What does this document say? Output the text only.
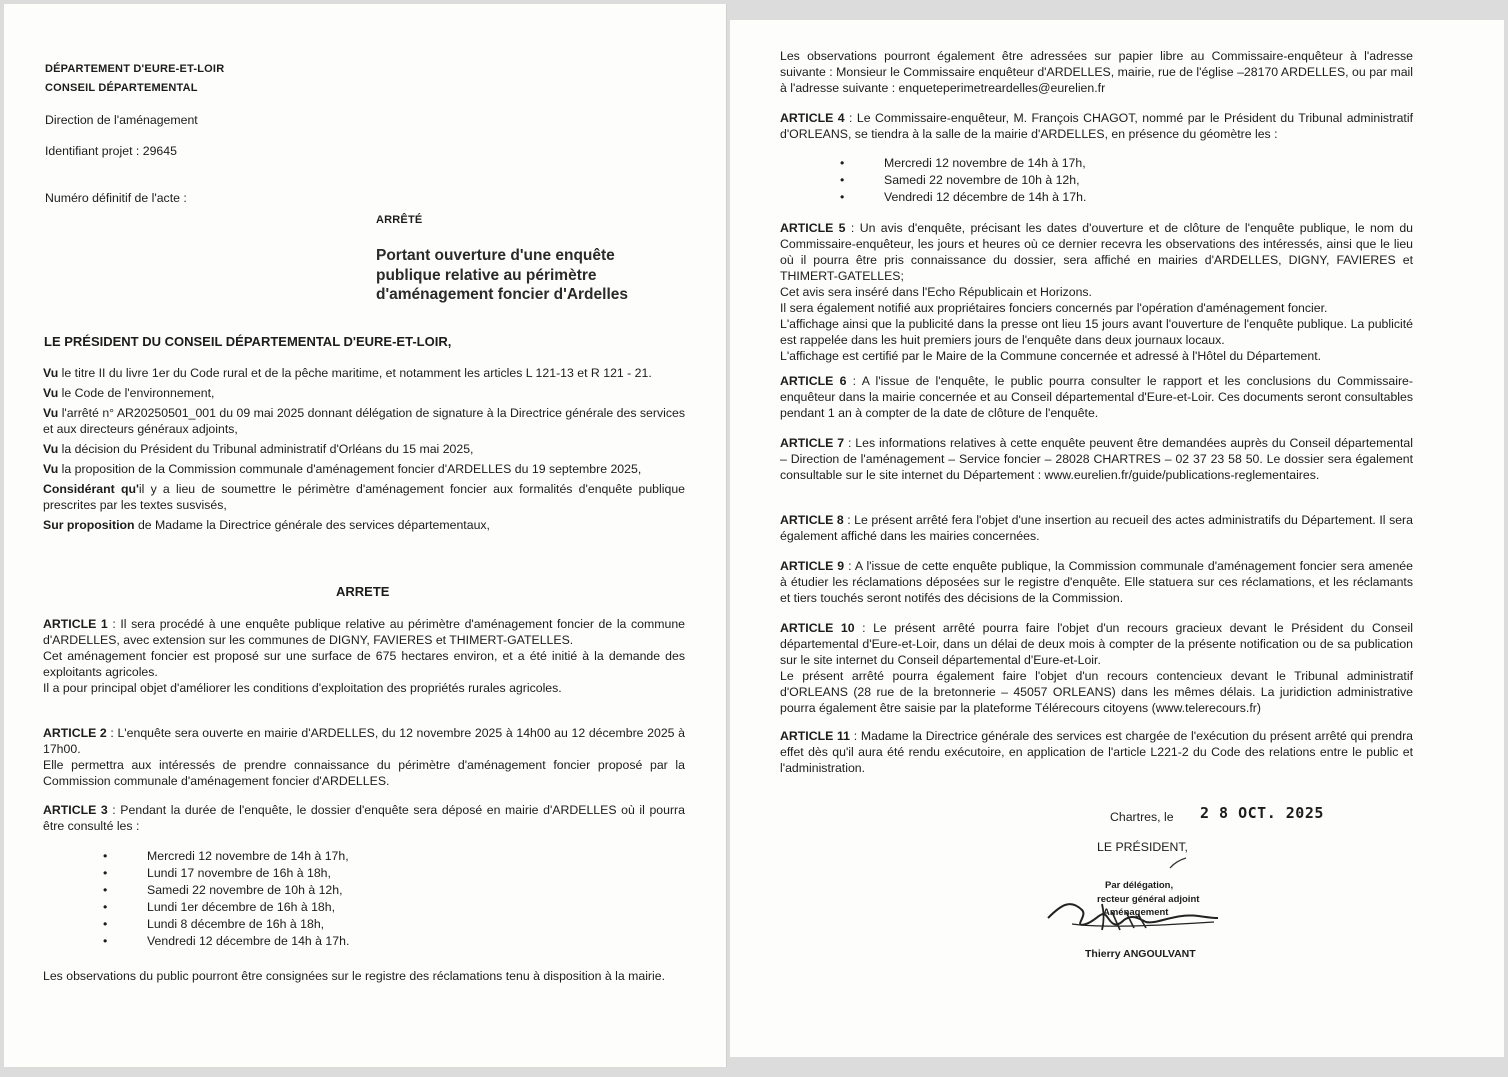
DÉPARTEMENT D'EURE-ET-LOIR

CONSEIL DÉPARTEMENTAL

Direction de l'aménagement

Identifiant projet : 29645

Numéro définitif de l'acte :

ARRÊTÉ

Portant ouverture d'une enquête publique relative au périmètre d'aménagement foncier d'Ardelles

LE PRÉSIDENT DU CONSEIL DÉPARTEMENTAL D'EURE-ET-LOIR,

Vu le titre II du livre 1er du Code rural et de la pêche maritime, et notamment les articles L 121-13 et R 121 - 21.

Vu le Code de l'environnement,

Vu l'arrêté n° AR20250501_001 du 09 mai 2025 donnant délégation de signature à la Directrice générale des services et aux directeurs généraux adjoints,

Vu la décision du Président du Tribunal administratif d'Orléans du 15 mai 2025,

Vu la proposition de la Commission communale d'aménagement foncier d'ARDELLES du 19 septembre 2025,

Considérant qu'il y a lieu de soumettre le périmètre d'aménagement foncier aux formalités d'enquête publique prescrites par les textes susvisés,

Sur proposition de Madame la Directrice générale des services départementaux,

ARRETE

ARTICLE 1 : Il sera procédé à une enquête publique relative au périmètre d'aménagement foncier de la commune d'ARDELLES, avec extension sur les communes de DIGNY, FAVIERES et THIMERT-GATELLES.

Cet aménagement foncier est proposé sur une surface de 675 hectares environ, et a été initié à la demande des exploitants agricoles.

Il a pour principal objet d'améliorer les conditions d'exploitation des propriétés rurales agricoles.

ARTICLE 2 : L'enquête sera ouverte en mairie d'ARDELLES, du 12 novembre 2025 à 14h00 au 12 décembre 2025 à 17h00.

Elle permettra aux intéressés de prendre connaissance du périmètre d'aménagement foncier proposé par la Commission communale d'aménagement foncier d'ARDELLES.

ARTICLE 3 : Pendant la durée de l'enquête, le dossier d'enquête sera déposé en mairie d'ARDELLES où il pourra être consulté les :

•	Mercredi 12 novembre de 14h à 17h,
•	Lundi 17 novembre de 16h à 18h,
•	Samedi 22 novembre de 10h à 12h,
•	Lundi 1er décembre de 16h à 18h,
•	Lundi 8 décembre de 16h à 18h,
•	Vendredi 12 décembre de 14h à 17h.

Les observations du public pourront être consignées sur le registre des réclamations tenu à disposition à la mairie.

Les observations pourront également être adressées sur papier libre au Commissaire-enquêteur à l'adresse suivante : Monsieur le Commissaire enquêteur d'ARDELLES, mairie, rue de l'église –28170 ARDELLES, ou par mail à l'adresse suivante : enqueteperimetreardelles@eurelien.fr

ARTICLE 4 : Le Commissaire-enquêteur, M. François CHAGOT, nommé par le Président du Tribunal administratif d'ORLEANS, se tiendra à la salle de la mairie d'ARDELLES, en présence du géomètre les :

•	Mercredi 12 novembre de 14h à 17h,
•	Samedi 22 novembre de 10h à 12h,
•	Vendredi 12 décembre de 14h à 17h.

ARTICLE 5 : Un avis d'enquête, précisant les dates d'ouverture et de clôture de l'enquête publique, le nom du Commissaire-enquêteur, les jours et heures où ce dernier recevra les observations des intéressés, ainsi que le lieu où il pourra être pris connaissance du dossier, sera affiché en mairies d'ARDELLES, DIGNY, FAVIERES et THIMERT-GATELLES;

Cet avis sera inséré dans l'Echo Républicain et Horizons.

Il sera également notifié aux propriétaires fonciers concernés par l'opération d'aménagement foncier.

L'affichage ainsi que la publicité dans la presse ont lieu 15 jours avant l'ouverture de l'enquête publique. La publicité est rappelée dans les huit premiers jours de l'enquête dans deux journaux locaux.

L'affichage est certifié par le Maire de la Commune concernée et adressé à l'Hôtel du Département.

ARTICLE 6 : A l'issue de l'enquête, le public pourra consulter le rapport et les conclusions du Commissaire-enquêteur dans la mairie concernée et au Conseil départemental d'Eure-et-Loir. Ces documents seront consultables pendant 1 an à compter de la date de clôture de l'enquête.

ARTICLE 7 : Les informations relatives à cette enquête peuvent être demandées auprès du Conseil départemental – Direction de l'aménagement – Service foncier – 28028 CHARTRES – 02 37 23 58 50. Le dossier sera également consultable sur le site internet du Département : www.eurelien.fr/guide/publications-reglementaires.

ARTICLE 8 : Le présent arrêté fera l'objet d'une insertion au recueil des actes administratifs du Département. Il sera également affiché dans les mairies concernées.

ARTICLE 9 : A l'issue de cette enquête publique, la Commission communale d'aménagement foncier sera amenée à étudier les réclamations déposées sur le registre d'enquête. Elle statuera sur ces réclamations, et les réclamants et tiers touchés seront notifés des décisions de la Commission.

ARTICLE 10 : Le présent arrêté pourra faire l'objet d'un recours gracieux devant le Président du Conseil départemental d'Eure-et-Loir, dans un délai de deux mois à compter de la présente notification ou de sa publication sur le site internet du Conseil départemental d'Eure-et-Loir.

Le présent arrêté pourra également faire l'objet d'un recours contencieux devant le Tribunal administratif d'ORLEANS (28 rue de la bretonnerie – 45057 ORLEANS) dans les mêmes délais. La juridiction administrative pourra également être saisie par la plateforme Télérecours citoyens (www.telerecours.fr)

ARTICLE 11 : Madame la Directrice générale des services est chargée de l'exécution du présent arrêté qui prendra effet dès qu'il aura été rendu exécutoire, en application de l'article L221-2 du Code des relations entre le public et l'administration.

Chartres, le 2 8 OCT. 2025

LE PRÉSIDENT,

Par délégation,

recteur général adjoint

Aménagement

Thierry ANGOULVANT
